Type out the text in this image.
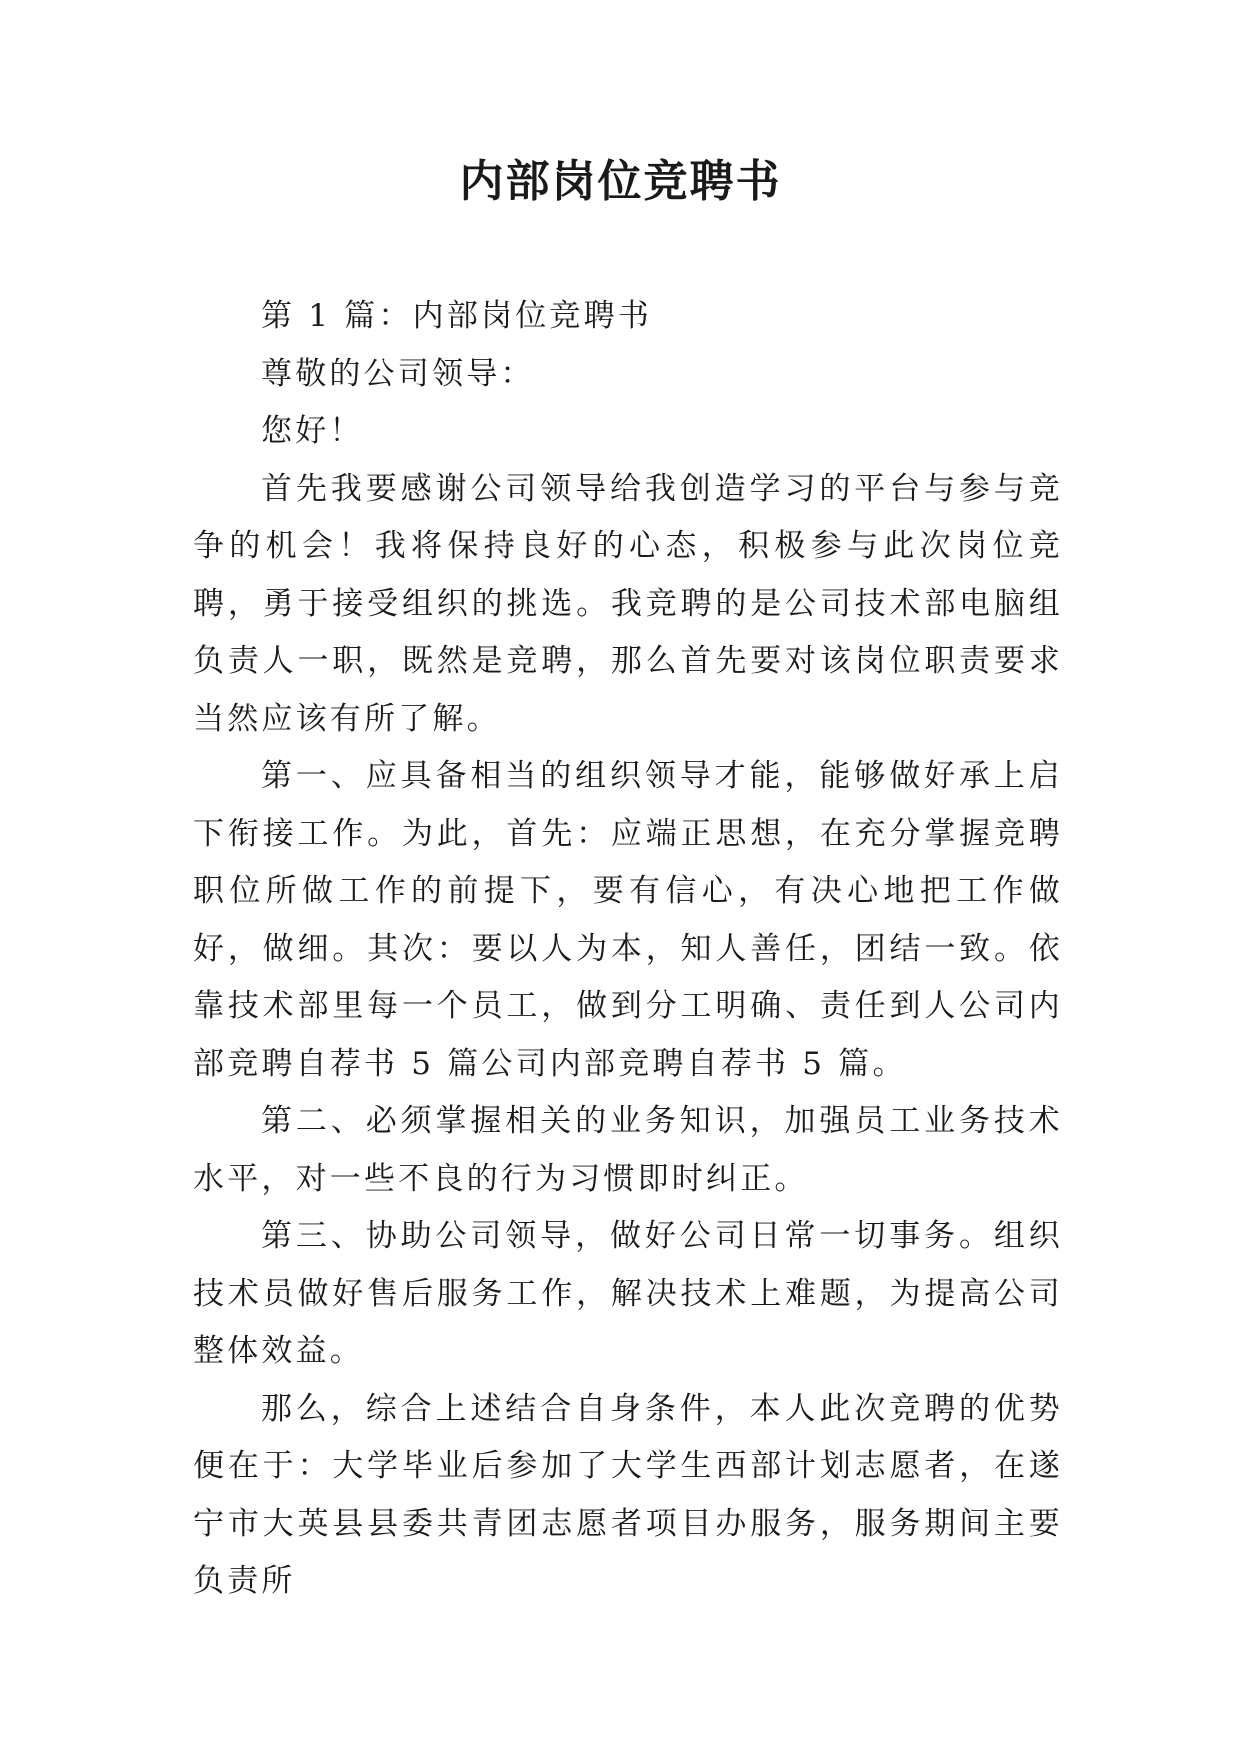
内部岗位竞聘书

第 1 篇：内部岗位竞聘书

尊敬的公司领导：

您好！

首先我要感谢公司领导给我创造学习的平台与参与竞争的机会！我将保持良好的心态，积极参与此次岗位竞聘，勇于接受组织的挑选。我竞聘的是公司技术部电脑组负责人一职，既然是竞聘，那么首先要对该岗位职责要求当然应该有所了解。

第一、应具备相当的组织领导才能，能够做好承上启下衔接工作。为此，首先：应端正思想，在充分掌握竞聘职位所做工作的前提下，要有信心，有决心地把工作做好，做细。其次：要以人为本，知人善任，团结一致。依靠技术部里每一个员工，做到分工明确、责任到人公司内部竞聘自荐书 5 篇公司内部竞聘自荐书 5 篇。

第二、必须掌握相关的业务知识，加强员工业务技术水平，对一些不良的行为习惯即时纠正。

第三、协助公司领导，做好公司日常一切事务。组织技术员做好售后服务工作，解决技术上难题，为提高公司整体效益。

那么，综合上述结合自身条件，本人此次竞聘的优势便在于：大学毕业后参加了大学生西部计划志愿者，在遂宁市大英县县委共青团志愿者项目办服务，服务期间主要负责所
